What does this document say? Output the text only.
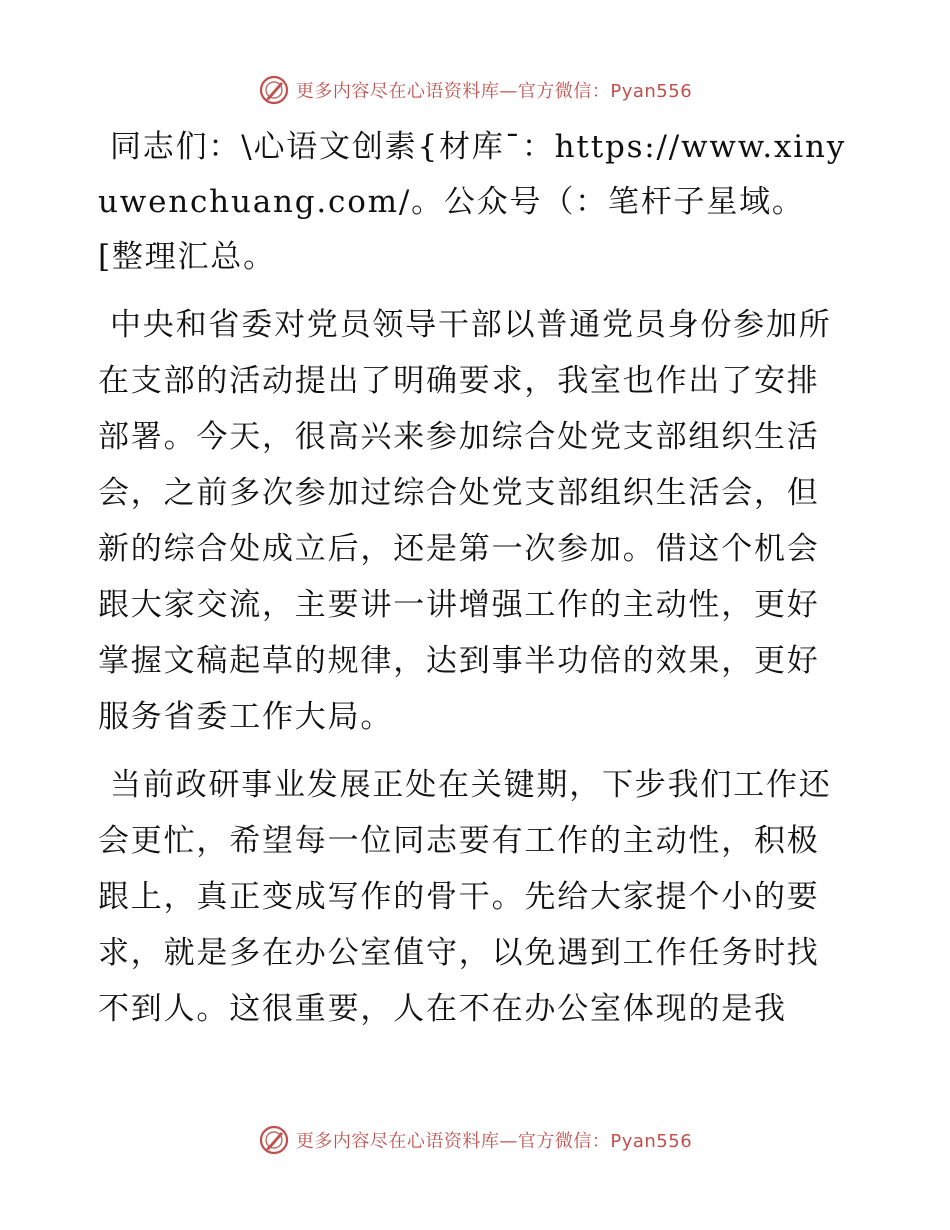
更多内容尽在心语资料库—官方微信：Pyan556

同志们：\心语文创素{材库¯：https://www.xinyuwenchuang.com/。公众号（：笔杆子星域。[整理汇总。

中央和省委对党员领导干部以普通党员身份参加所在支部的活动提出了明确要求，我室也作出了安排部署。今天，很高兴来参加综合处党支部组织生活会，之前多次参加过综合处党支部组织生活会，但新的综合处成立后，还是第一次参加。借这个机会跟大家交流，主要讲一讲增强工作的主动性，更好掌握文稿起草的规律，达到事半功倍的效果，更好服务省委工作大局。

当前政研事业发展正处在关键期，下步我们工作还会更忙，希望每一位同志要有工作的主动性，积极跟上，真正变成写作的骨干。先给大家提个小的要求，就是多在办公室值守，以免遇到工作任务时找不到人。这很重要，人在不在办公室体现的是我

更多内容尽在心语资料库—官方微信：Pyan556
